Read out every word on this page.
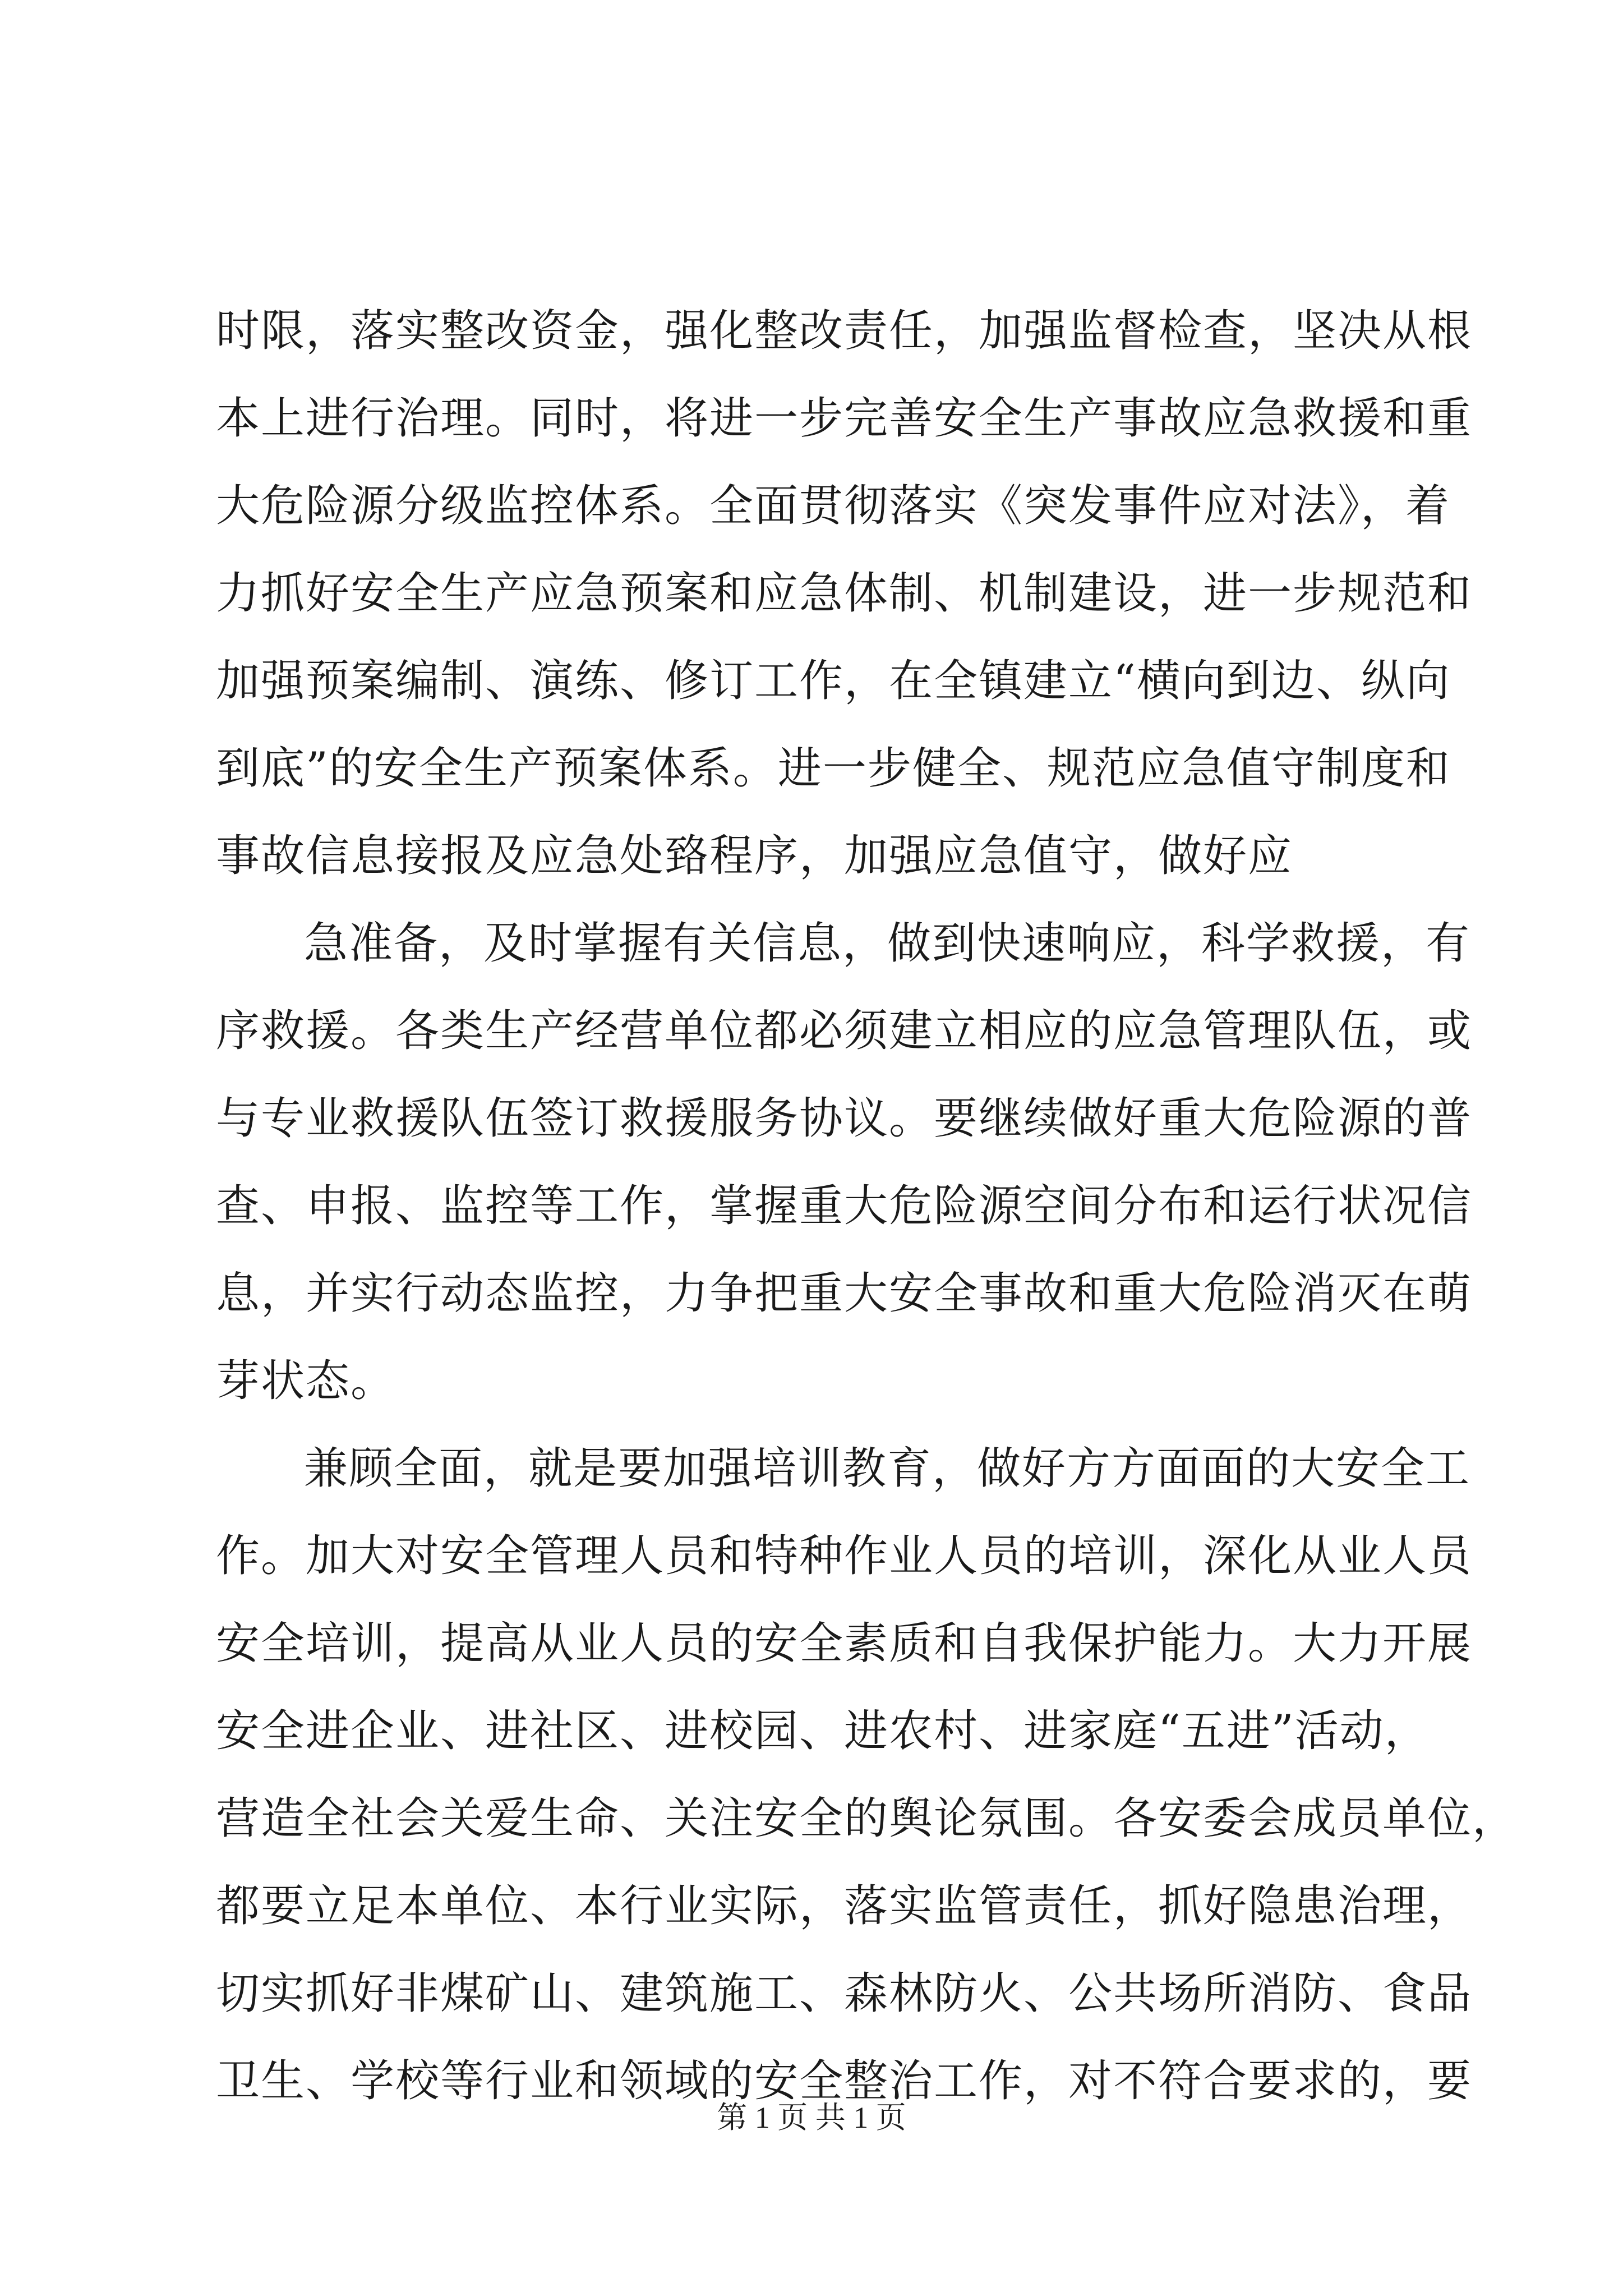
时限，落实整改资金，强化整改责任，加强监督检查，坚决从根
本上进行治理。同时，将进一步完善安全生产事故应急救援和重
大危险源分级监控体系。全面贯彻落实《突发事件应对法》，着
力抓好安全生产应急预案和应急体制、机制建设，进一步规范和
加强预案编制、演练、修订工作，在全镇建立“横向到边、纵向
到底”的安全生产预案体系。进一步健全、规范应急值守制度和
事故信息接报及应急处臵程序，加强应急值守，做好应
急准备，及时掌握有关信息，做到快速响应，科学救援，有
序救援。各类生产经营单位都必须建立相应的应急管理队伍，或
与专业救援队伍签订救援服务协议。要继续做好重大危险源的普
查、申报、监控等工作，掌握重大危险源空间分布和运行状况信
息，并实行动态监控，力争把重大安全事故和重大危险消灭在萌
芽状态。
兼顾全面，就是要加强培训教育，做好方方面面的大安全工
作。加大对安全管理人员和特种作业人员的培训，深化从业人员
安全培训，提高从业人员的安全素质和自我保护能力。大力开展
安全进企业、进社区、进校园、进农村、进家庭“五进”活动，
营造全社会关爱生命、关注安全的舆论氛围。各安委会成员单位，
都要立足本单位、本行业实际，落实监管责任，抓好隐患治理，
切实抓好非煤矿山、建筑施工、森林防火、公共场所消防、食品
卫生、学校等行业和领域的安全整治工作，对不符合要求的，要
第 1 页 共 1 页
